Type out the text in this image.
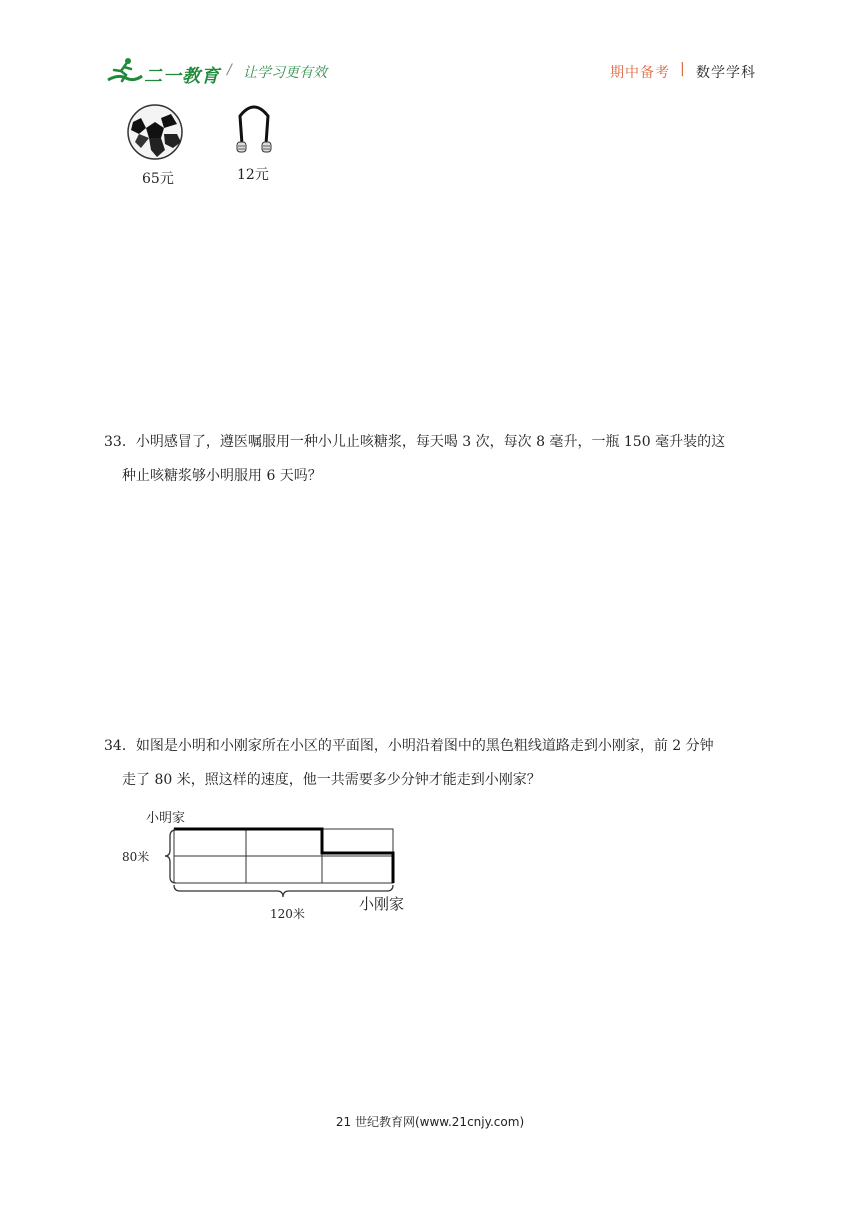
二一教育 / 让学习更有效	期中备考 | 数学学科
65元	12元
33．小明感冒了，遵医嘱服用一种小儿止咳糖浆，每天喝 3 次，每次 8 毫升，一瓶 150 毫升装的这
种止咳糖浆够小明服用 6 天吗？
34．如图是小明和小刚家所在小区的平面图，小明沿着图中的黑色粗线道路走到小刚家，前 2 分钟
走了 80 米，照这样的速度，他一共需要多少分钟才能走到小刚家？
小明家
80米
120米
小刚家
21 世纪教育网(www.21cnjy.com)
